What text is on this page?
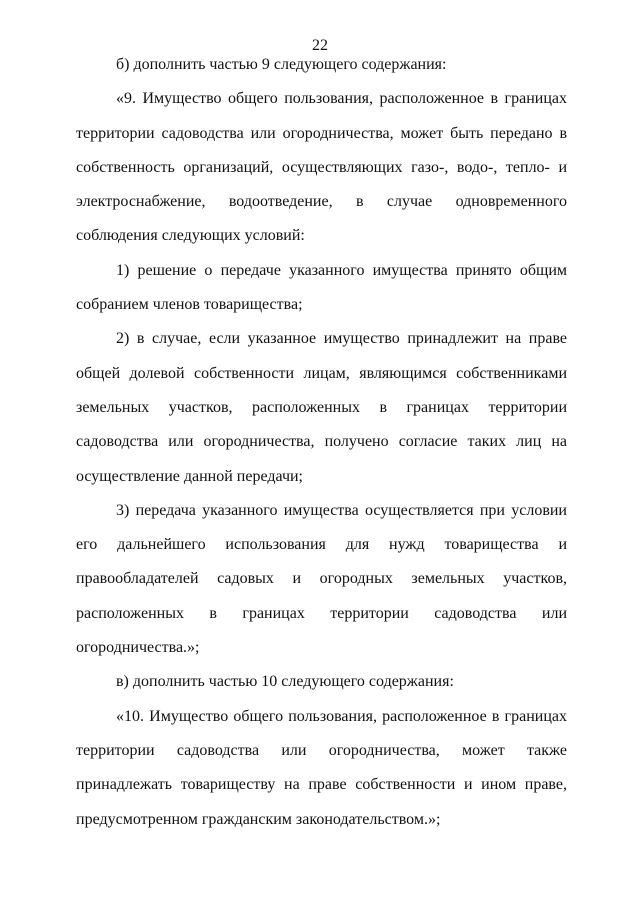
22

б) дополнить частью 9 следующего содержания:

«9. Имущество общего пользования, расположенное в границах территории садоводства или огородничества, может быть передано в собственность организаций, осуществляющих газо-, водо-, тепло- и электроснабжение, водоотведение, в случае одновременного соблюдения следующих условий:

1) решение о передаче указанного имущества принято общим собранием членов товарищества;

2) в случае, если указанное имущество принадлежит на праве общей долевой собственности лицам, являющимся собственниками земельных участков, расположенных в границах территории садоводства или огородничества, получено согласие таких лиц на осуществление данной передачи;

3) передача указанного имущества осуществляется при условии его дальнейшего использования для нужд товарищества и правообладателей садовых и огородных земельных участков, расположенных в границах территории садоводства или огородничества.»;

в) дополнить частью 10 следующего содержания:

«10. Имущество общего пользования, расположенное в границах территории садоводства или огородничества, может также принадлежать товариществу на праве собственности и ином праве, предусмотренном гражданским законодательством.»;
